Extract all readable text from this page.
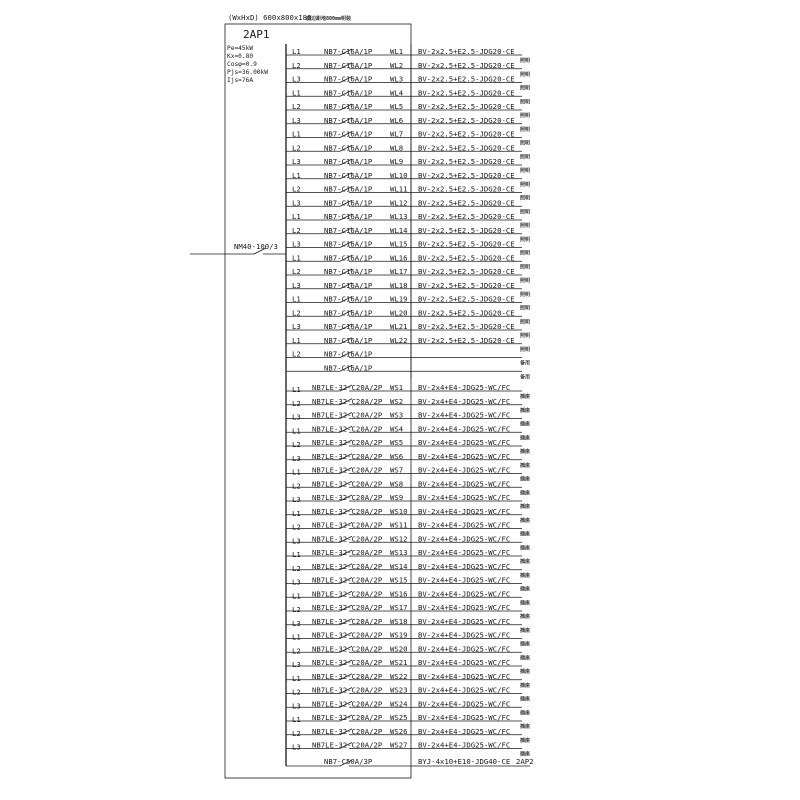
(WxHxD) 600x800x180
底边距地800mm明装
2AP1
Pe=45kW
Kx=0.80
Cosφ=0.9
Pjs=36.00kW
Ijs=76A
NM40-100/3
L1	NB7-C16A/1P WL1 BV-2x2.5+E2.5-JDG20-CE
照明
L2	NB7-C16A/1P WL2 BV-2x2.5+E2.5-JDG20-CE
照明
L3	NB7-C16A/1P WL3 BV-2x2.5+E2.5-JDG20-CE
照明
L1	NB7-C16A/1P WL4 BV-2x2.5+E2.5-JDG20-CE
照明
L2	NB7-C16A/1P WL5 BV-2x2.5+E2.5-JDG20-CE
照明
L3	NB7-C16A/1P WL6 BV-2x2.5+E2.5-JDG20-CE
照明
L1	NB7-C16A/1P WL7 BV-2x2.5+E2.5-JDG20-CE
照明
L2	NB7-C16A/1P WL8 BV-2x2.5+E2.5-JDG20-CE
照明
L3	NB7-C16A/1P WL9 BV-2x2.5+E2.5-JDG20-CE
照明
L1	NB7-C16A/1P WL10 BV-2x2.5+E2.5-JDG20-CE
照明
L2	NB7-C16A/1P WL11 BV-2x2.5+E2.5-JDG20-CE
照明
L3	NB7-C16A/1P WL12 BV-2x2.5+E2.5-JDG20-CE
照明
L1	NB7-C16A/1P WL13 BV-2x2.5+E2.5-JDG20-CE
照明
L2	NB7-C16A/1P WL14 BV-2x2.5+E2.5-JDG20-CE
照明
L3	NB7-C16A/1P WL15 BV-2x2.5+E2.5-JDG20-CE
照明
L1	NB7-C16A/1P WL16 BV-2x2.5+E2.5-JDG20-CE
照明
L2	NB7-C16A/1P WL17 BV-2x2.5+E2.5-JDG20-CE
照明
L3	NB7-C16A/1P WL18 BV-2x2.5+E2.5-JDG20-CE
照明
L1	NB7-C16A/1P WL19 BV-2x2.5+E2.5-JDG20-CE
照明
L2	NB7-C16A/1P WL20 BV-2x2.5+E2.5-JDG20-CE
照明
L3	NB7-C16A/1P WL21 BV-2x2.5+E2.5-JDG20-CE
照明
L1	NB7-C16A/1P WL22 BV-2x2.5+E2.5-JDG20-CE
照明
L2	NB7-C16A/1P
备用
NB7-C16A/1P
备用
L1 NB7LE-32-C20A/2P WS1 BV-2x4+E4-JDG25-WC/FC
插座
L2 NB7LE-32-C20A/2P WS2 BV-2x4+E4-JDG25-WC/FC
插座
L3 NB7LE-32-C20A/2P WS3 BV-2x4+E4-JDG25-WC/FC
插座
L1 NB7LE-32-C20A/2P WS4 BV-2x4+E4-JDG25-WC/FC
插座
L2 NB7LE-32-C20A/2P WS5 BV-2x4+E4-JDG25-WC/FC
插座
L3 NB7LE-32-C20A/2P WS6 BV-2x4+E4-JDG25-WC/FC
插座
L1 NB7LE-32-C20A/2P WS7 BV-2x4+E4-JDG25-WC/FC
插座
L2 NB7LE-32-C20A/2P WS8 BV-2x4+E4-JDG25-WC/FC
插座
L3 NB7LE-32-C20A/2P WS9 BV-2x4+E4-JDG25-WC/FC
插座
L1 NB7LE-32-C20A/2P WS10 BV-2x4+E4-JDG25-WC/FC
插座
L2 NB7LE-32-C20A/2P WS11 BV-2x4+E4-JDG25-WC/FC
插座
L3 NB7LE-32-C20A/2P WS12 BV-2x4+E4-JDG25-WC/FC
插座
L1 NB7LE-32-C20A/2P WS13 BV-2x4+E4-JDG25-WC/FC
插座
L2 NB7LE-32-C20A/2P WS14 BV-2x4+E4-JDG25-WC/FC
插座
L3 NB7LE-32-C20A/2P WS15 BV-2x4+E4-JDG25-WC/FC
插座
L1 NB7LE-32-C20A/2P WS16 BV-2x4+E4-JDG25-WC/FC
插座
L2 NB7LE-32-C20A/2P WS17 BV-2x4+E4-JDG25-WC/FC
插座
L3 NB7LE-32-C20A/2P WS18 BV-2x4+E4-JDG25-WC/FC
插座
L1 NB7LE-32-C20A/2P WS19 BV-2x4+E4-JDG25-WC/FC
插座
L2 NB7LE-32-C20A/2P WS20 BV-2x4+E4-JDG25-WC/FC
插座
L3 NB7LE-32-C20A/2P WS21 BV-2x4+E4-JDG25-WC/FC
插座
L1 NB7LE-32-C20A/2P WS22 BV-2x4+E4-JDG25-WC/FC
插座
L2 NB7LE-32-C20A/2P WS23 BV-2x4+E4-JDG25-WC/FC
插座
L3 NB7LE-32-C20A/2P WS24 BV-2x4+E4-JDG25-WC/FC
插座
L1 NB7LE-32-C20A/2P WS25 BV-2x4+E4-JDG25-WC/FC
插座
L2 NB7LE-32-C20A/2P WS26 BV-2x4+E4-JDG25-WC/FC
插座
L3 NB7LE-32-C20A/2P WS27 BV-2x4+E4-JDG25-WC/FC
插座
NB7-C50A/3P	BYJ-4x10+E10-JDG40-CE 2AP2
